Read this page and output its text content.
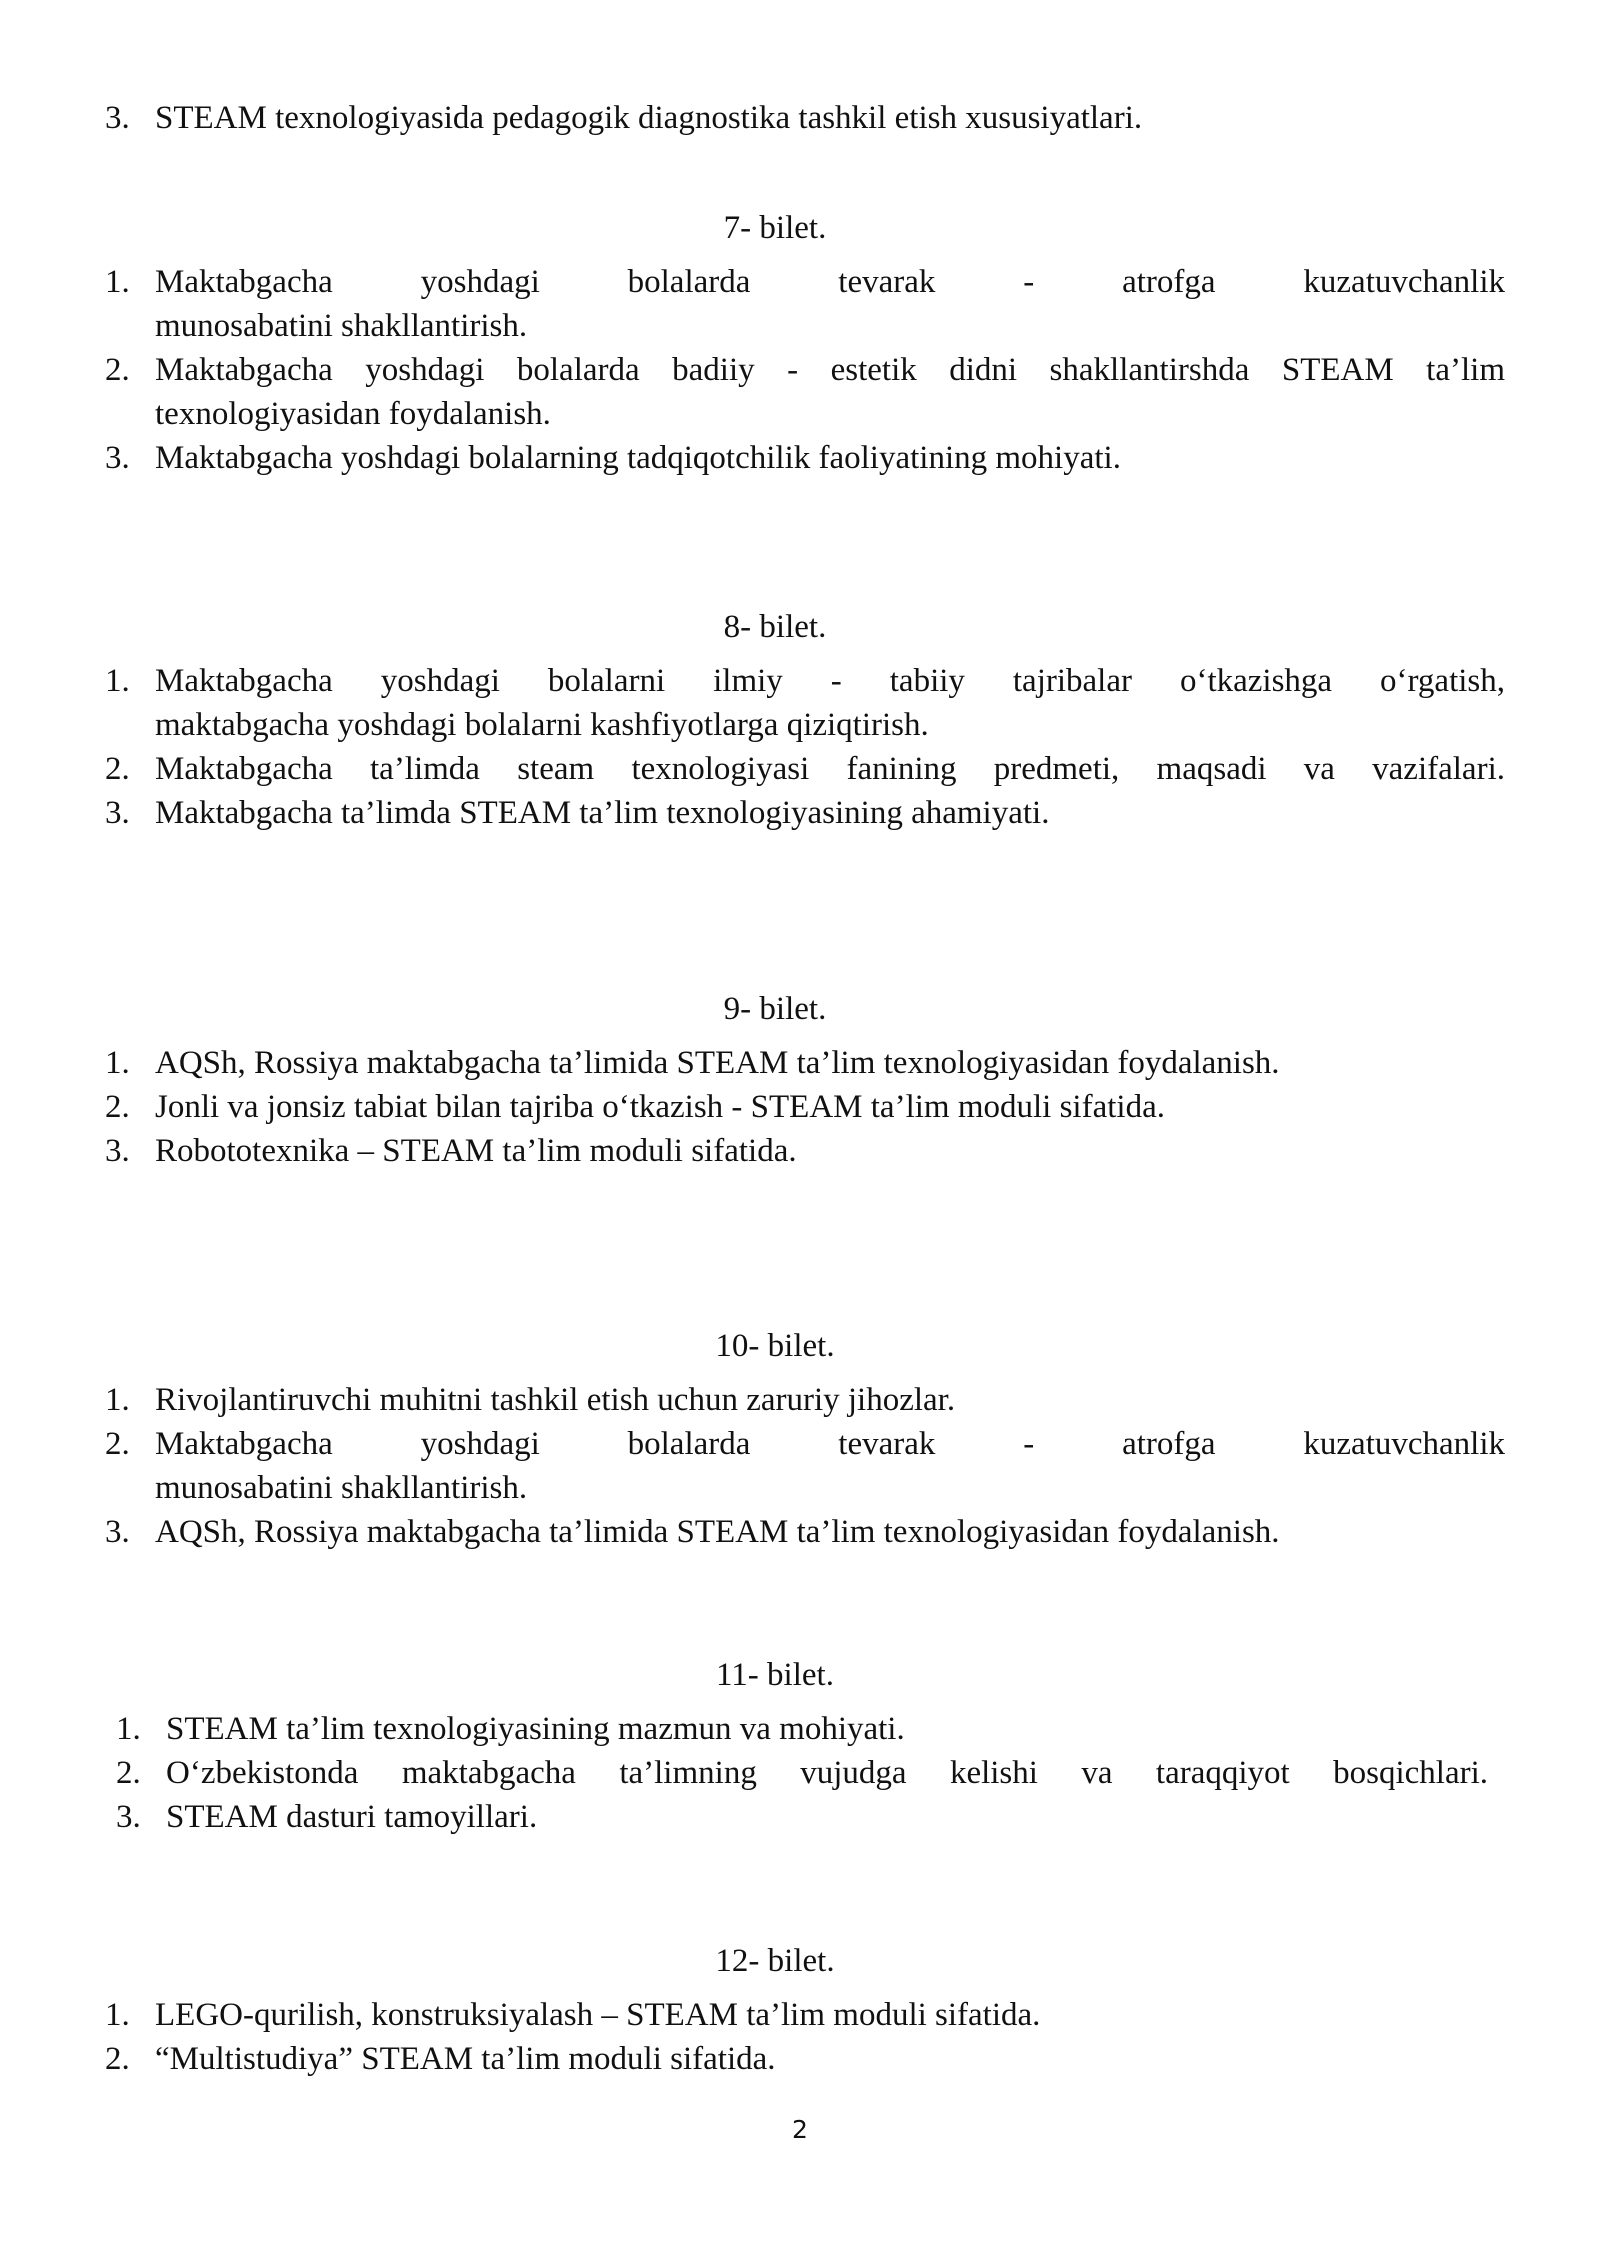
3. STEAM texnologiyasida pedagogik diagnostika tashkil etish xususiyatlari.
7- bilet.
1. Maktabgacha yoshdagi bolalarda tevarak - atrofga kuzatuvchanlik
munosabatini shakllantirish.
2. Maktabgacha yoshdagi bolalarda badiiy - estetik didni shakllantirshda STEAM ta’lim
texnologiyasidan foydalanish.
3. Maktabgacha yoshdagi bolalarning tadqiqotchilik faoliyatining mohiyati.
8- bilet.
1. Maktabgacha yoshdagi bolalarni ilmiy - tabiiy tajribalar o‘tkazishga o‘rgatish,
maktabgacha yoshdagi bolalarni kashfiyotlarga qiziqtirish.
2. Maktabgacha ta’limda steam texnologiyasi fanining predmeti, maqsadi va vazifalari.
3. Maktabgacha ta’limda STEAM ta’lim texnologiyasining ahamiyati.
9- bilet.
1. AQSh, Rossiya maktabgacha ta’limida STEAM ta’lim texnologiyasidan foydalanish.
2. Jonli va jonsiz tabiat bilan tajriba o‘tkazish - STEAM ta’lim moduli sifatida.
3. Robototexnika – STEAM ta’lim moduli sifatida.
10- bilet.
1. Rivojlantiruvchi muhitni tashkil etish uchun zaruriy jihozlar.
2. Maktabgacha yoshdagi bolalarda tevarak - atrofga kuzatuvchanlik
munosabatini shakllantirish.
3. AQSh, Rossiya maktabgacha ta’limida STEAM ta’lim texnologiyasidan foydalanish.
11- bilet.
1. STEAM ta’lim texnologiyasining mazmun va mohiyati.
2. O‘zbekistonda maktabgacha ta’limning vujudga kelishi va taraqqiyot bosqichlari.
3. STEAM dasturi tamoyillari.
12- bilet.
1. LEGO-qurilish, konstruksiyalash – STEAM ta’lim moduli sifatida.
2. “Multistudiya” STEAM ta’lim moduli sifatida.
2
